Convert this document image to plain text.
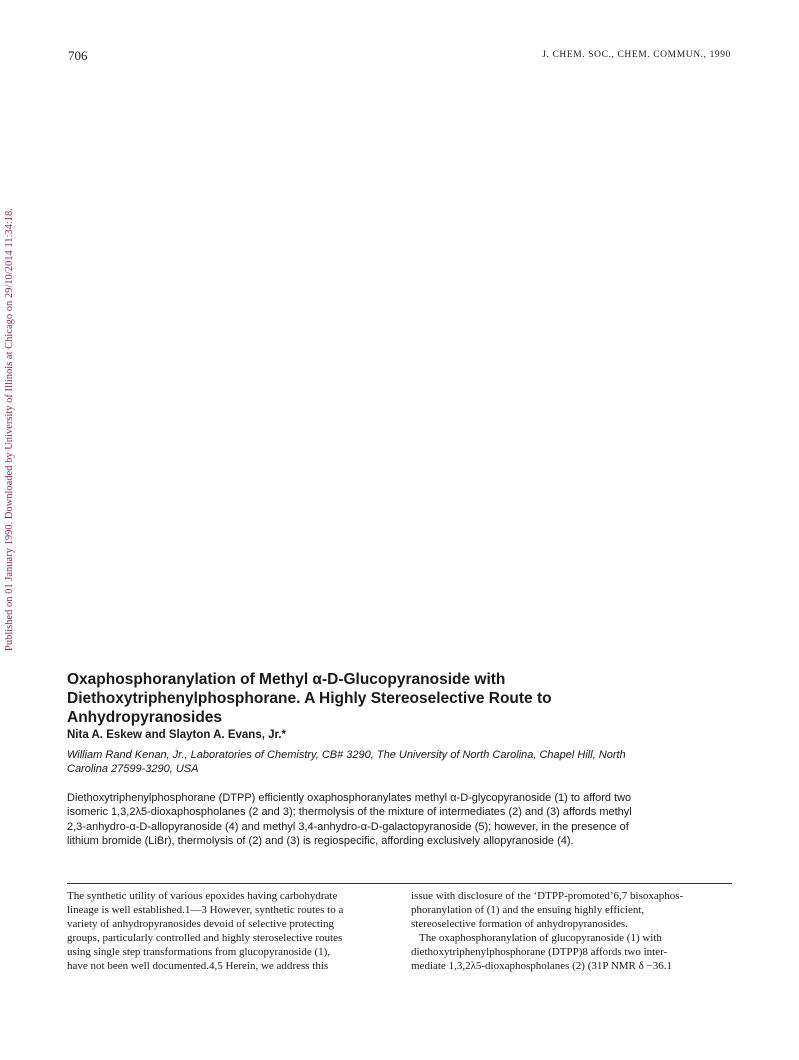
706	J. CHEM. SOC., CHEM. COMMUN., 1990
Published on 01 January 1990. Downloaded by University of Illinois at Chicago on 29/10/2014 11:34:18.
Oxaphosphoranylation of Methyl α-D-Glucopyranoside with
Diethoxytriphenylphosphorane. A Highly Stereoselective Route to
Anhydropyranosides
Nita A. Eskew and Slayton A. Evans, Jr.*
William Rand Kenan, Jr., Laboratories of Chemistry, CB# 3290, The University of North Carolina, Chapel Hill, North
Carolina 27599-3290, USA
Diethoxytriphenylphosphorane (DTPP) efficiently oxaphosphoranylates methyl α-D-glycopyranoside (1) to afford two
isomeric 1,3,2λ5-dioxaphospholanes (2 and 3); thermolysis of the mixture of intermediates (2) and (3) affords methyl
2,3-anhydro-α-D-allopyranoside (4) and methyl 3,4-anhydro-α-D-galactopyranoside (5); however, in the presence of
lithium bromide (LiBr), thermolysis of (2) and (3) is regiospecific, affording exclusively allopyranoside (4).
The synthetic utility of various epoxides having carbohydrate
lineage is well established.1—3 However, synthetic routes to a
variety of anhydropyranosides devoid of selective protecting
groups, particularly controlled and highly steroselective routes
using single step transformations from glucopyranoside (1),
have not been well documented.4,5 Herein, we address this
issue with disclosure of the ‘DTPP-promoted’6,7 bisoxaphos-
phoranylation of (1) and the ensuing highly efficient,
stereoselective formation of anhydropyranosides.
The oxaphosphoranylation of glucopyranoside (1) with
diethoxytriphenylphosphorane (DTPP)8 affords two inter-
mediate 1,3,2λ5-dioxaphospholanes (2) (31P NMR δ −36.1
